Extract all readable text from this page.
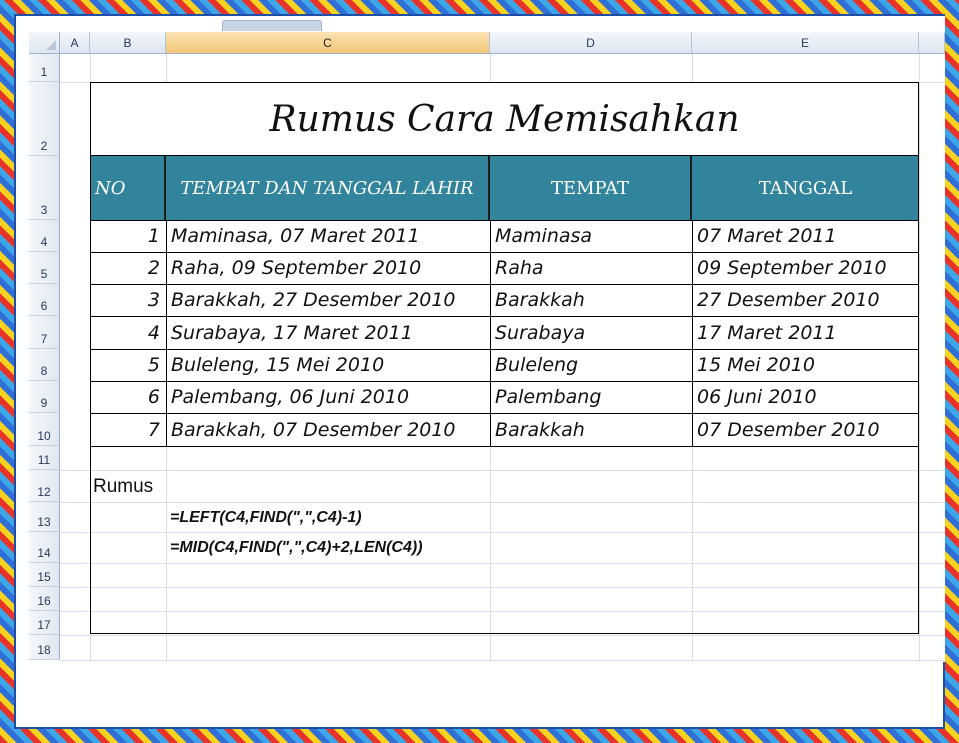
A	B	C	D	E
1
2
3
4
5
6
7
8
9
10
11
12
13
14
15
16
17
18
Rumus Cara Memisahkan
NO	TEMPAT DAN TANGGAL LAHIR	TEMPAT	TANGGAL
1 Maminasa, 07 Maret 2011	Maminasa	07 Maret 2011
2 Raha, 09 September 2010	Raha	09 September 2010
3 Barakkah, 27 Desember 2010	Barakkah	27 Desember 2010
4 Surabaya, 17 Maret 2011	Surabaya	17 Maret 2011
5 Buleleng, 15 Mei 2010	Buleleng	15 Mei 2010
6 Palembang, 06 Juni 2010	Palembang	06 Juni 2010
7 Barakkah, 07 Desember 2010	Barakkah	07 Desember 2010
Rumus
=LEFT(C4,FIND(",",C4)-1)
=MID(C4,FIND(",",C4)+2,LEN(C4))
